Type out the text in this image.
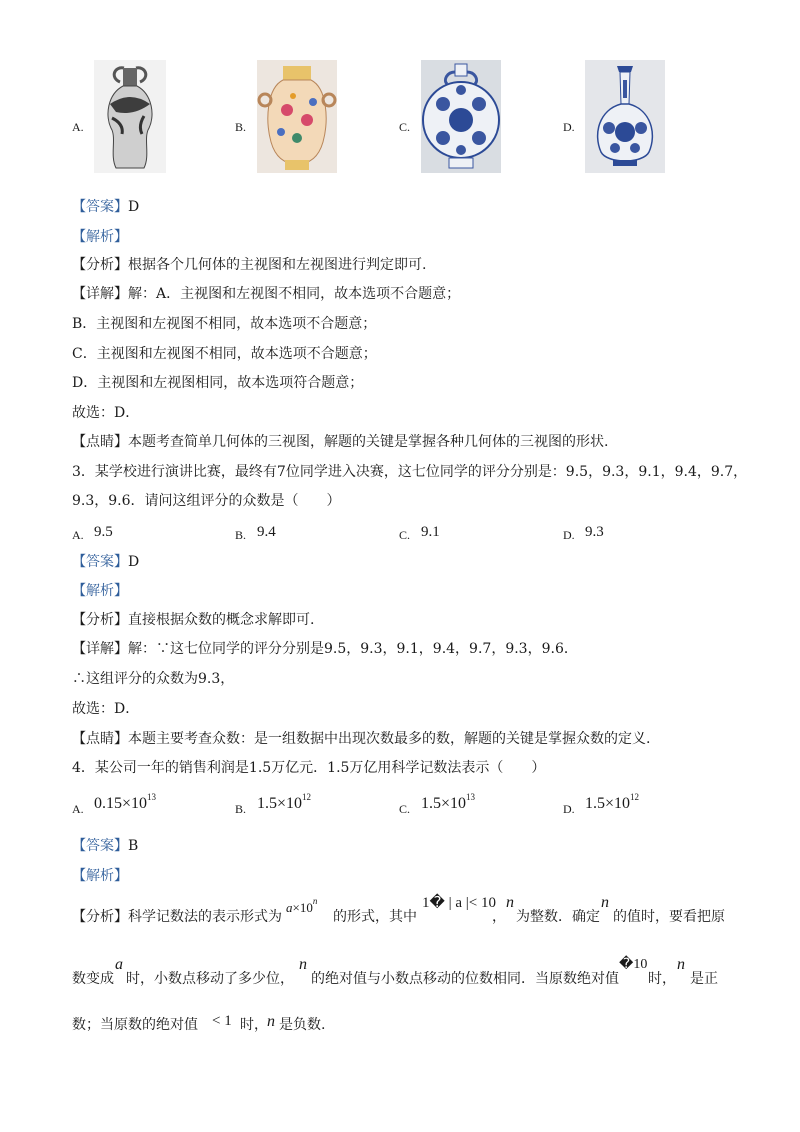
A.	B.	C.	D.
【答案】D
【解析】
【分析】根据各个几何体的主视图和左视图进行判定即可.
【详解】解：A．主视图和左视图不相同，故本选项不合题意；
B．主视图和左视图不相同，故本选项不合题意；
C．主视图和左视图不相同，故本选项不合题意；
D．主视图和左视图相同，故本选项符合题意；
故选：D．
【点睛】本题考查简单几何体的三视图，解题的关键是掌握各种几何体的三视图的形状.
3．某学校进行演讲比赛，最终有7位同学进入决赛，这七位同学的评分分别是：9.5，9.3，9.1，9.4，9.7，
9.3，9.6．请问这组评分的众数是（　　）
A. 9.5	B. 9.4	C. 9.1	D. 9.3
【答案】D
【解析】
【分析】直接根据众数的概念求解即可.
【详解】解：∵这七位同学的评分分别是9.5，9.3，9.1，9.4，9.7，9.3，9.6．
∴这组评分的众数为9.3，
故选：D．
【点睛】本题主要考查众数：是一组数据中出现次数最多的数，解题的关键是掌握众数的定义.
4．某公司一年的销售利润是1.5万亿元．1.5万亿用科学记数法表示（　　）
A. $0.15\times 10^{13}$
B. $1.5\times 10^{12}$
C. $1.5\times 10^{13}$
D. $1.5\times 10^{12}$
【答案】B
【解析】
【分析】 科学记数法的表示形式为
$a\times 10^n$
的形式，其中
1� | a |< 10
，
n
为整数．确定
n
的值时，要看把原
数变成
a
时，小数点移动了多少位，
n
的绝对值与小数点移动的位数相同．当原数绝对值
�10
时，
n
是正
数；当原数的绝对值 < 1 时， n 是负数.
